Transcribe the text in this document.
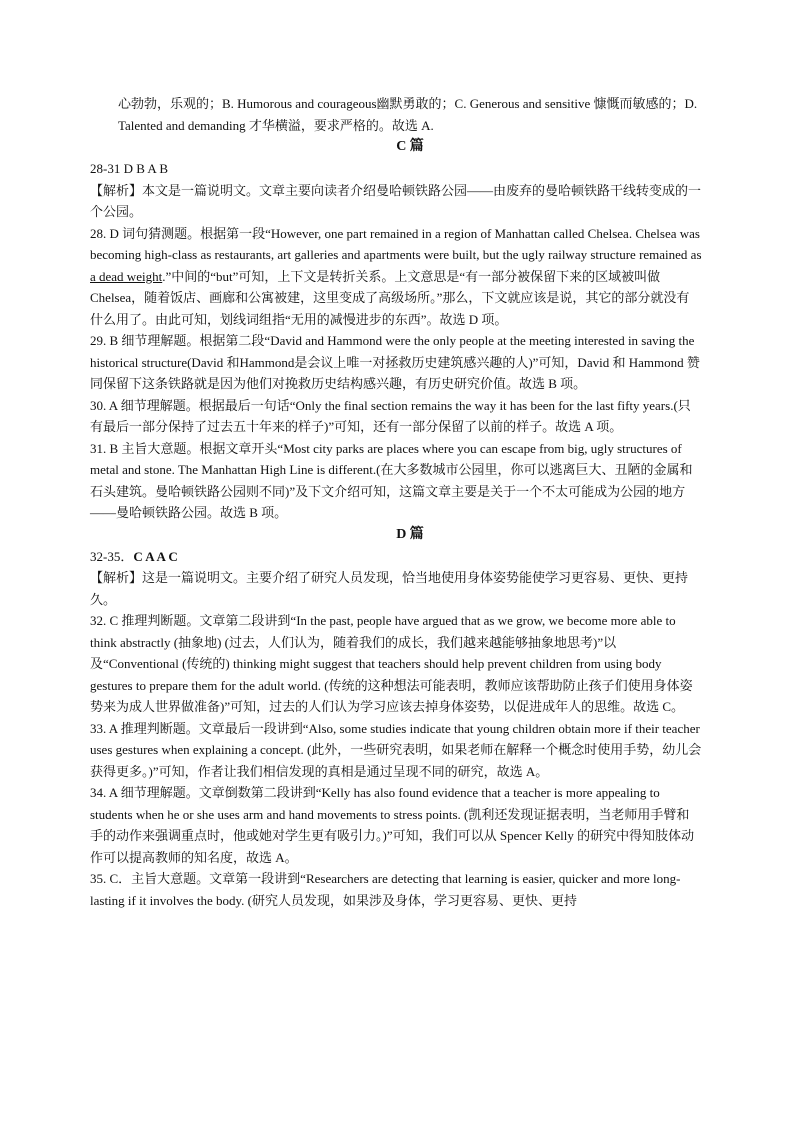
心勃勃，乐观的；B. Humorous and courageous幽默勇敢的；C. Generous and sensitive 慷慨而敏感的；D. Talented and demanding 才华横溢，要求严格的。故选 A.

C 篇

28-31 D B A B

【解析】本文是一篇说明文。文章主要向读者介绍曼哈顿铁路公园——由废弃的曼哈顿铁路干线转变成的一个公园。

28. D 词句猜测题。根据第一段“However, one part remained in a region of Manhattan called Chelsea. Chelsea was becoming high-class as restaurants, art galleries and apartments were built, but the ugly railway structure remained as a dead weight.”中间的“but”可知，上下文是转折关系。上文意思是“有一部分被保留下来的区域被叫做 Chelsea，随着饭店、画廊和公寓被建，这里变成了高级场所。”那么，下文就应该是说，其它的部分就没有什么用了。由此可知，划线词组指“无用的减慢进步的东西”。故选 D 项。

29. B 细节理解题。根据第二段“David and Hammond were the only people at the meeting interested in saving the historical structure(David 和Hammond是会议上唯一对拯救历史建筑感兴趣的人)”可知，David 和 Hammond 赞同保留下这条铁路就是因为他们对挽救历史结构感兴趣，有历史研究价值。故选 B 项。

30. A 细节理解题。根据最后一句话“Only the final section remains the way it has been for the last fifty years.(只有最后一部分保持了过去五十年来的样子)”可知，还有一部分保留了以前的样子。故选 A 项。

31. B 主旨大意题。根据文章开头“Most city parks are places where you can escape from big, ugly structures of metal and stone. The Manhattan High Line is different.(在大多数城市公园里，你可以逃离巨大、丑陋的金属和石头建筑。曼哈顿铁路公园则不同)”及下文介绍可知，这篇文章主要是关于一个不太可能成为公园的地方——曼哈顿铁路公园。故选 B 项。

D 篇

32-35．C A A C

【解析】这是一篇说明文。主要介绍了研究人员发现，恰当地使用身体姿势能使学习更容易、更快、更持久。

32. C 推理判断题。文章第二段讲到“In the past, people have argued that as we grow, we become more able to think abstractly (抽象地) (过去，人们认为，随着我们的成长，我们越来越能够抽象地思考)”以及“Conventional (传统的) thinking might suggest that teachers should help prevent children from using body gestures to prepare them for the adult world. (传统的这种想法可能表明，教师应该帮助防止孩子们使用身体姿势来为成人世界做准备)”可知，过去的人们认为学习应该去掉身体姿势，以促进成年人的思维。故选 C。

33. A 推理判断题。文章最后一段讲到“Also, some studies indicate that young children obtain more if their teacher uses gestures when explaining a concept. (此外，一些研究表明，如果老师在解释一个概念时使用手势，幼儿会获得更多。)”可知，作者让我们相信发现的真相是通过呈现不同的研究，故选 A。

34. A 细节理解题。文章倒数第二段讲到“Kelly has also found evidence that a teacher is more appealing to students when he or she uses arm and hand movements to stress points. (凯利还发现证据表明，当老师用手臂和手的动作来强调重点时，他或她对学生更有吸引力。)”可知，我们可以从 Spencer Kelly 的研究中得知肢体动作可以提高教师的知名度，故选 A。

35. C．主旨大意题。文章第一段讲到“Researchers are detecting that learning is easier, quicker and more long-lasting if it involves the body. (研究人员发现，如果涉及身体，学习更容易、更快、更持
